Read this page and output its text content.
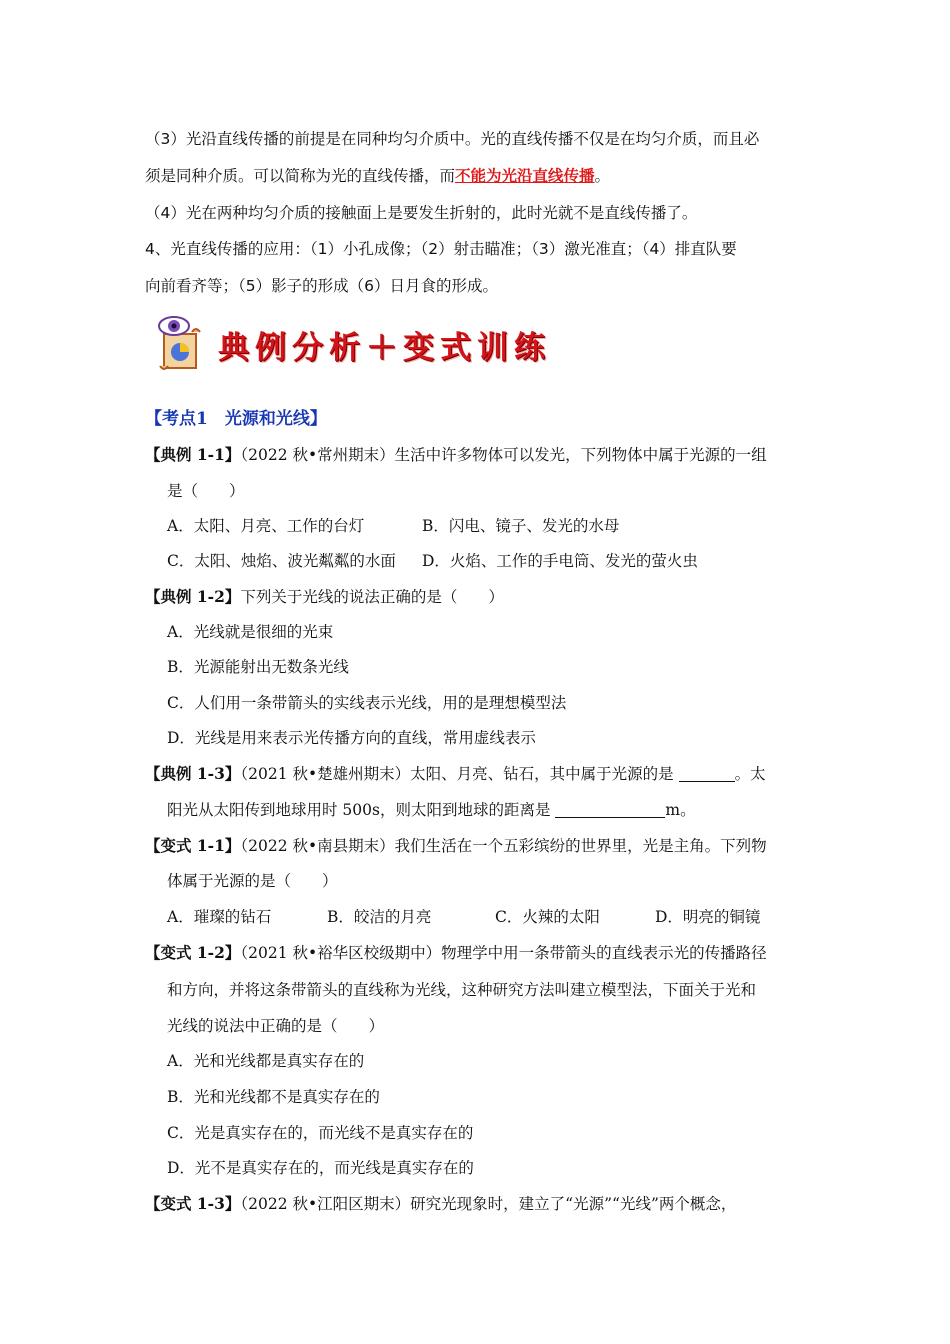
（3）光沿直线传播的前提是在同种均匀介质中。光的直线传播不仅是在均匀介质，而且必
须是同种介质。可以简称为光的直线传播，而不能为光沿直线传播。
（4）光在两种均匀介质的接触面上是要发生折射的，此时光就不是直线传播了。
4、光直线传播的应用：（1）小孔成像；（2）射击瞄准；（3）激光准直；（4）排直队要
向前看齐等；（5）影子的形成（6）日月食的形成。
典例分析＋变式训练
【考点1　光源和光线】
【典例 1-1】（2022 秋•常州期末）生活中许多物体可以发光，下列物体中属于光源的一组
是（　　）
A．太阳、月亮、工作的台灯	B．闪电、镜子、发光的水母
C．太阳、烛焰、波光粼粼的水面 D．火焰、工作的手电筒、发光的萤火虫
【典例 1-2】下列关于光线的说法正确的是（　　）
A．光线就是很细的光束
B．光源能射出无数条光线
C．人们用一条带箭头的实线表示光线，用的是理想模型法
D．光线是用来表示光传播方向的直线，常用虚线表示
【典例 1-3】（2021 秋•楚雄州期末）太阳、月亮、钻石，其中属于光源的是	。太
阳光从太阳传到地球用时 500s，则太阳到地球的距离是	m。
【变式 1-1】（2022 秋•南县期末）我们生活在一个五彩缤纷的世界里，光是主角。下列物
体属于光源的是（　　）
A．璀璨的钻石	B．皎洁的月亮	C．火辣的太阳	D．明亮的铜镜
【变式 1-2】（2021 秋•裕华区校级期中）物理学中用一条带箭头的直线表示光的传播路径
和方向，并将这条带箭头的直线称为光线，这种研究方法叫建立模型法，下面关于光和
光线的说法中正确的是（　　）
A．光和光线都是真实存在的
B．光和光线都不是真实存在的
C．光是真实存在的，而光线不是真实存在的
D．光不是真实存在的，而光线是真实存在的
【变式 1-3】（2022 秋•江阳区期末）研究光现象时，建立了“光源”“光线”两个概念，
